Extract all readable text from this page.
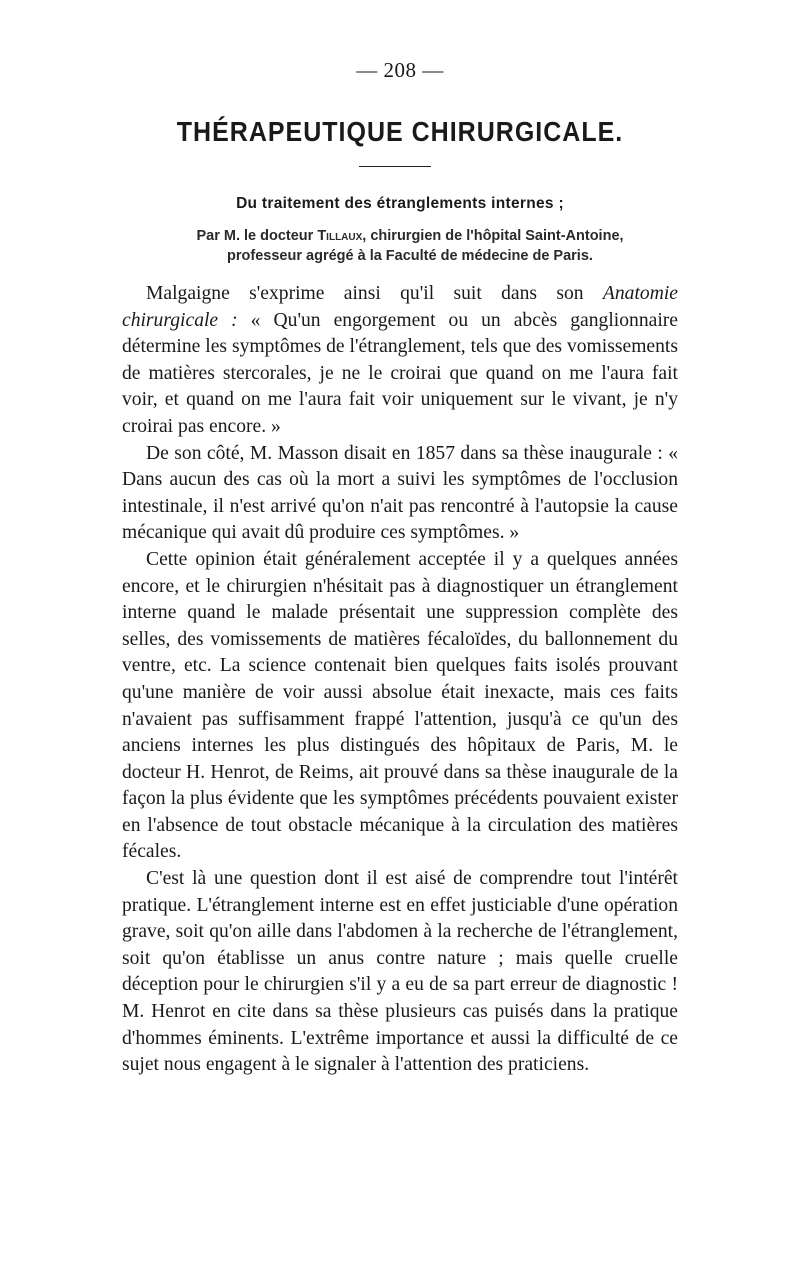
— 208 —
THÉRAPEUTIQUE CHIRURGICALE.
Du traitement des étranglements internes ;
Par M. le docteur Tillaux, chirurgien de l'hôpital Saint-Antoine,
professeur agrégé à la Faculté de médecine de Paris.

Malgaigne s'exprime ainsi qu'il suit dans son Anatomie chirurgicale : « Qu'un engorgement ou un abcès ganglionnaire détermine les symptômes de l'étranglement, tels que des vomissements de matières stercorales, je ne le croirai que quand on me l'aura fait voir, et quand on me l'aura fait voir uniquement sur le vivant, je n'y croirai pas encore. »

De son côté, M. Masson disait en 1857 dans sa thèse inaugurale : « Dans aucun des cas où la mort a suivi les symptômes de l'occlusion intestinale, il n'est arrivé qu'on n'ait pas rencontré à l'autopsie la cause mécanique qui avait dû produire ces symptômes. »

Cette opinion était généralement acceptée il y a quelques années encore, et le chirurgien n'hésitait pas à diagnostiquer un étranglement interne quand le malade présentait une suppression complète des selles, des vomissements de matières fécaloïdes, du ballonnement du ventre, etc. La science contenait bien quelques faits isolés prouvant qu'une manière de voir aussi absolue était inexacte, mais ces faits n'avaient pas suffisamment frappé l'attention, jusqu'à ce qu'un des anciens internes les plus distingués des hôpitaux de Paris, M. le docteur H. Henrot, de Reims, ait prouvé dans sa thèse inaugurale de la façon la plus évidente que les symptômes précédents pouvaient exister en l'absence de tout obstacle mécanique à la circulation des matières fécales.

C'est là une question dont il est aisé de comprendre tout l'intérêt pratique. L'étranglement interne est en effet justiciable d'une opération grave, soit qu'on aille dans l'abdomen à la recherche de l'étranglement, soit qu'on établisse un anus contre nature ; mais quelle cruelle déception pour le chirurgien s'il y a eu de sa part erreur de diagnostic ! M. Henrot en cite dans sa thèse plusieurs cas puisés dans la pratique d'hommes éminents. L'extrême importance et aussi la difficulté de ce sujet nous engagent à le signaler à l'attention des praticiens.
